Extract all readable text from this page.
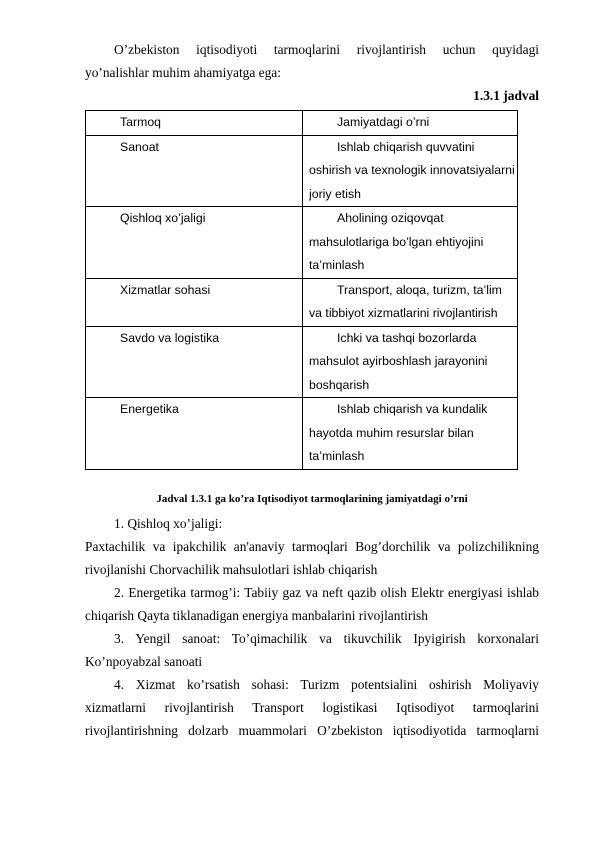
O’zbekiston iqtisodiyoti tarmoqlarini rivojlantirish uchun quyidagi yo’nalishlar muhim ahamiyatga ega:

1.3.1 jadval

Tarmoq	Jamiyatdagi o’rni
Sanoat	Ishlab chiqarish quvvatini oshirish va texnologik innovatsiyalarni joriy etish
Qishloq xo’jaligi	Aholining oziqovqat mahsulotlariga bo’lgan ehtiyojini ta’minlash
Xizmatlar sohasi	Transport, aloqa, turizm, ta’lim va tibbiyot xizmatlarini rivojlantirish
Savdo va logistika	Ichki va tashqi bozorlarda mahsulot ayirboshlash jarayonini boshqarish
Energetika	Ishlab chiqarish va kundalik hayotda muhim resurslar bilan ta’minlash

Jadval 1.3.1 ga ko’ra Iqtisodiyot tarmoqlarining jamiyatdagi o’rni

1. Qishloq xo’jaligi:

Paxtachilik va ipakchilik an'anaviy tarmoqlari Bog’dorchilik va polizchilikning rivojlanishi Chorvachilik mahsulotlari ishlab chiqarish

2. Energetika tarmog’i: Tabiiy gaz va neft qazib olish Elektr energiyasi ishlab chiqarish Qayta tiklanadigan energiya manbalarini rivojlantirish

3. Yengil sanoat: To’qimachilik va tikuvchilik Ipyigirish korxonalari Ko’npoyabzal sanoati

4. Xizmat ko’rsatish sohasi: Turizm potentsialini oshirish Moliyaviy xizmatlarni rivojlantirish Transport logistikasi Iqtisodiyot tarmoqlarini rivojlantirishning dolzarb muammolari O’zbekiston iqtisodiyotida tarmoqlarni
